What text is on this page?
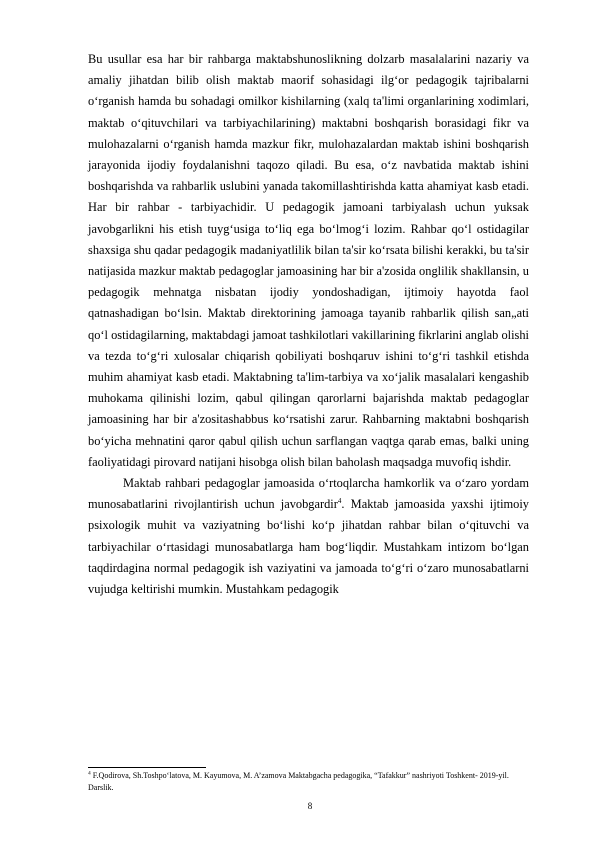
Bu usullar esa har bir rahbarga maktabshunoslikning dolzarb masalalarini nazariy va amaliy jihatdan bilib olish maktab maorif sohasidagi ilg‘or pedagogik tajribalarni o‘rganish hamda bu sohadagi omilkor kishilarning (xalq ta'limi organlarining xodimlari, maktab o‘qituvchilari va tarbiyachilarining) maktabni boshqarish borasidagi fikr va mulohazalarni o‘rganish hamda mazkur fikr, mulohazalardan maktab ishini boshqarish jarayonida ijodiy foydalanishni taqozo qiladi. Bu esa, o‘z navbatida maktab ishini boshqarishda va rahbarlik uslubini yanada takomillashtirishda katta ahamiyat kasb etadi. Har bir rahbar - tarbiyachidir. U pedagogik jamoani tarbiyalash uchun yuksak javobgarlikni his etish tuyg‘usiga to‘liq ega bo‘lmog‘i lozim. Rahbar qo‘l ostidagilar shaxsiga shu qadar pedagogik madaniyatlilik bilan ta'sir ko‘rsata bilishi kerakki, bu ta'sir natijasida mazkur maktab pedagoglar jamoasining har bir a'zosida onglilik shakllansin, u pedagogik mehnatga nisbatan ijodiy yondoshadigan, ijtimoiy hayotda faol qatnashadigan bo‘lsin. Maktab direktorining jamoaga tayanib rahbarlik qilish san„ati qo‘l ostidagilarning, maktabdagi jamoat tashkilotlari vakillarining fikrlarini anglab olishi va tezda to‘g‘ri xulosalar chiqarish qobiliyati boshqaruv ishini to‘g‘ri tashkil etishda muhim ahamiyat kasb etadi. Maktabning ta'lim-tarbiya va xo‘jalik masalalari kengashib muhokama qilinishi lozim, qabul qilingan qarorlarni bajarishda maktab pedagoglar jamoasining har bir a'zositashabbus ko‘rsatishi zarur. Rahbarning maktabni boshqarish bo‘yicha mehnatini qaror qabul qilish uchun sarflangan vaqtga qarab emas, balki uning faoliyatidagi pirovard natijani hisobga olish bilan baholash maqsadga muvofiq ishdir.

Maktab rahbari pedagoglar jamoasida o‘rtoqlarcha hamkorlik va o‘zaro yordam munosabatlarini rivojlantirish uchun javobgardir$^4$. Maktab jamoasida yaxshi ijtimoiy psixologik muhit va vaziyatning bo‘lishi ko‘p jihatdan rahbar bilan o‘qituvchi va tarbiyachilar o‘rtasidagi munosabatlarga ham bog‘liqdir. Mustahkam intizom bo‘lgan taqdirdagina normal pedagogik ish vaziyatini va jamoada to‘g‘ri o‘zaro munosabatlarni vujudga keltirishi mumkin. Mustahkam pedagogik

$^4$ F.Qodirova, Sh.Toshpo‘latova, M. Kayumova, M. A’zamova Maktabgacha pedagogika, “Tafakkur” nashriyoti Toshkent- 2019-yil. Darslik.
8
